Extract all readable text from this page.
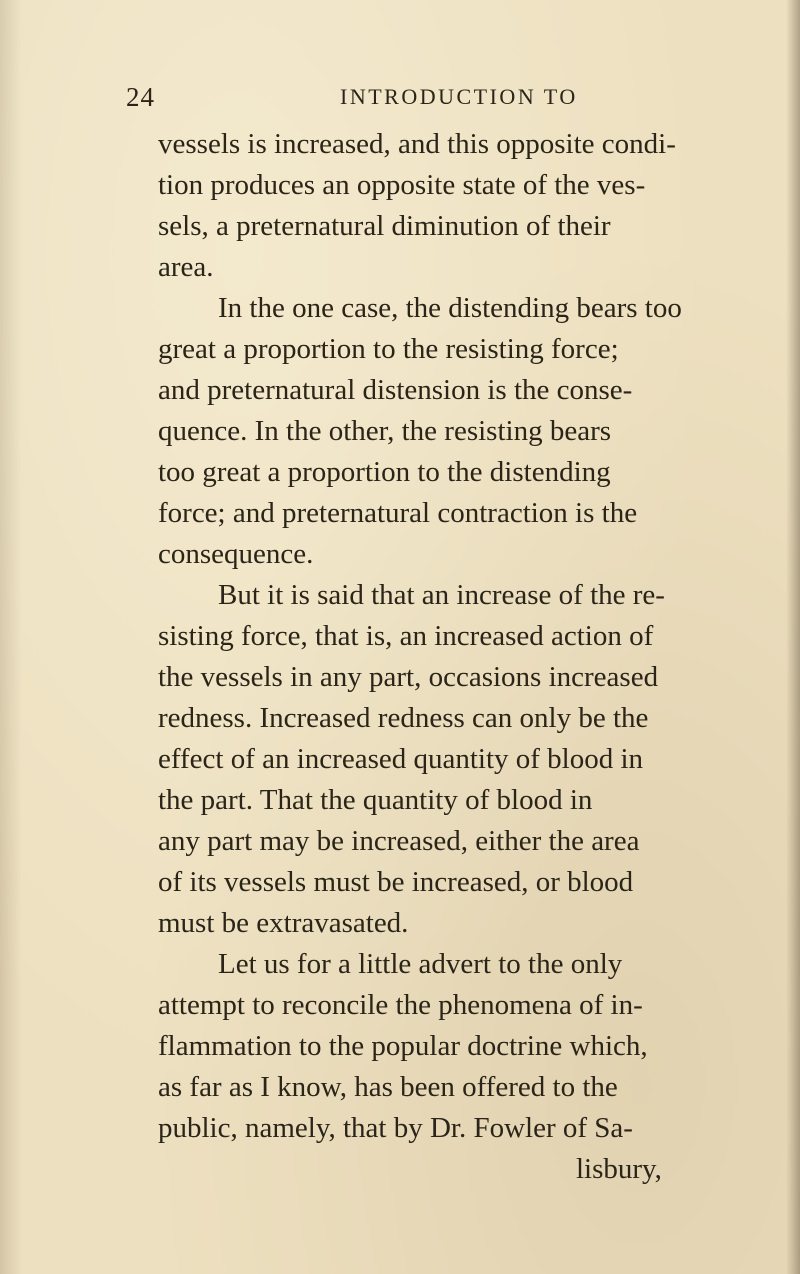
24	INTRODUCTION TO
vessels is increased, and this opposite condi-
tion produces an opposite state of the ves-
sels, a preternatural diminution of their
area.
In the one case, the distending bears too
great a proportion to the resisting force;
and preternatural distension is the conse-
quence. In the other, the resisting bears
too great a proportion to the distending
force; and preternatural contraction is the
consequence.
But it is said that an increase of the re-
sisting force, that is, an increased action of
the vessels in any part, occasions increased
redness. Increased redness can only be the
effect of an increased quantity of blood in
the part. That the quantity of blood in
any part may be increased, either the area
of its vessels must be increased, or blood
must be extravasated.
Let us for a little advert to the only
attempt to reconcile the phenomena of in-
flammation to the popular doctrine which,
as far as I know, has been offered to the
public, namely, that by Dr. Fowler of Sa-
lisbury,
